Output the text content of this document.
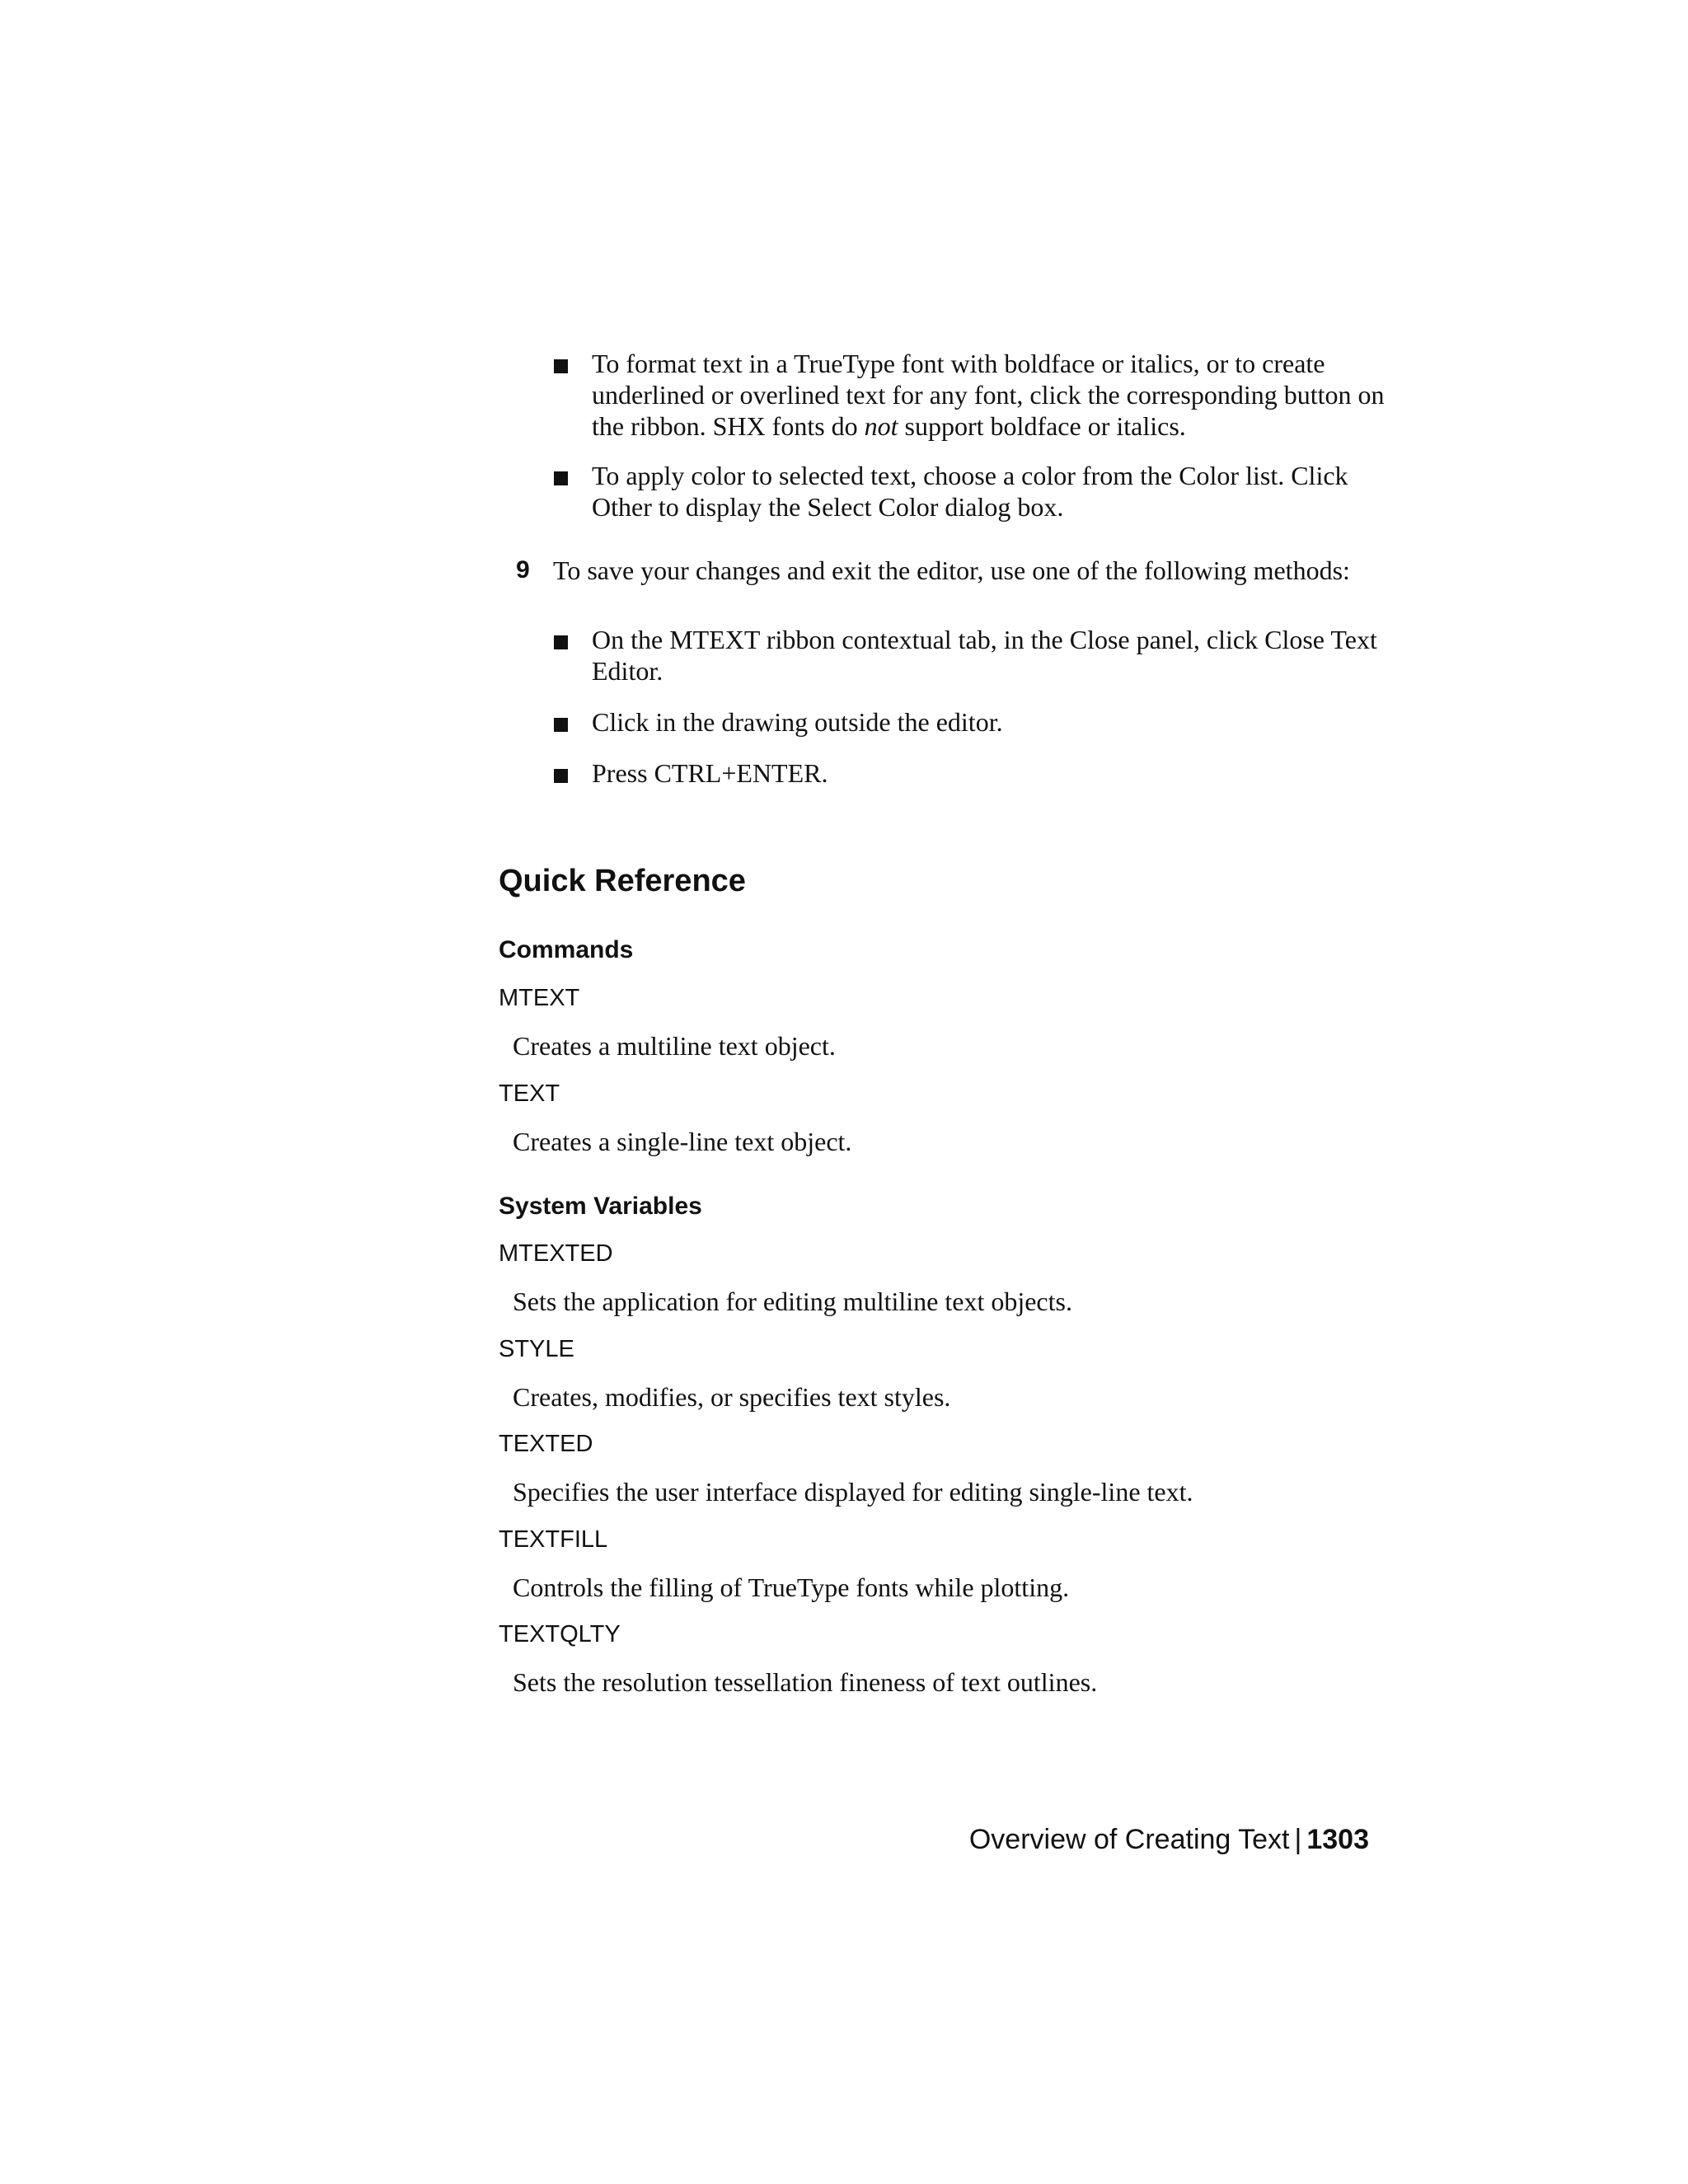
To format text in a TrueType font with boldface or italics, or to create underlined or overlined text for any font, click the corresponding button on the ribbon. SHX fonts do not support boldface or italics.

To apply color to selected text, choose a color from the Color list. Click Other to display the Select Color dialog box.

9 To save your changes and exit the editor, use one of the following methods:

On the MTEXT ribbon contextual tab, in the Close panel, click Close Text Editor.

Click in the drawing outside the editor.

Press CTRL+ENTER.

Quick Reference
Commands
MTEXT
Creates a multiline text object.
TEXT
Creates a single-line text object.
System Variables
MTEXTED
Sets the application for editing multiline text objects.
STYLE
Creates, modifies, or specifies text styles.
TEXTED
Specifies the user interface displayed for editing single-line text.
TEXTFILL
Controls the filling of TrueType fonts while plotting.
TEXTQLTY
Sets the resolution tessellation fineness of text outlines.
Overview of Creating Text | 1303
